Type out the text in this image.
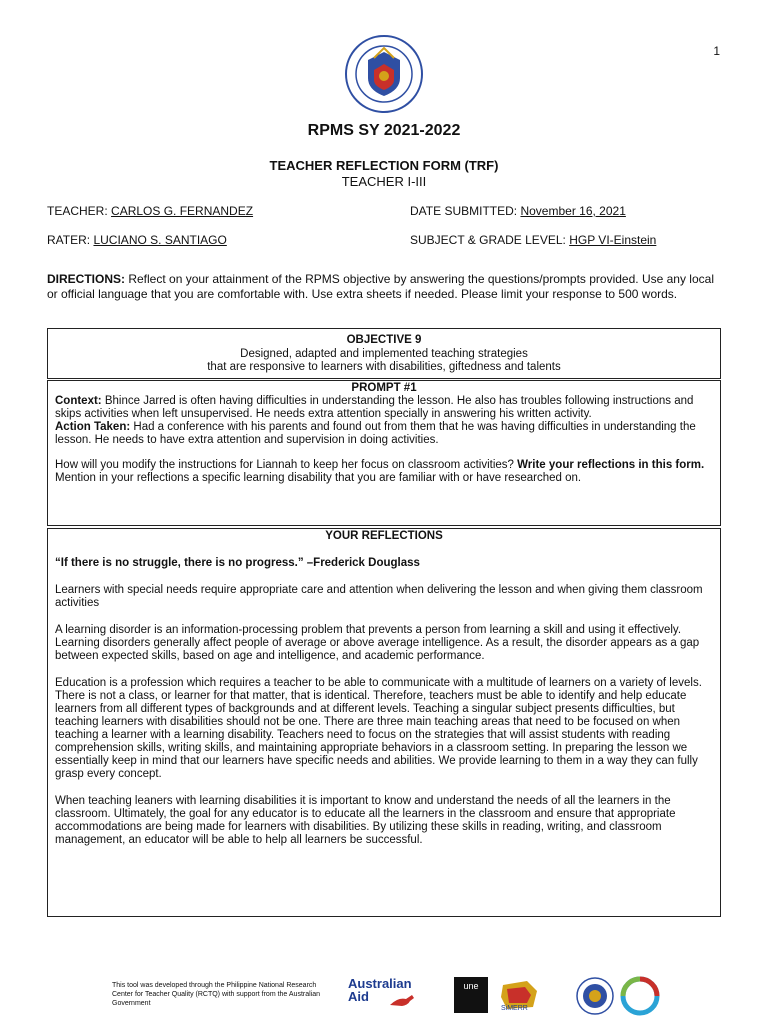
1
RPMS SY 2021-2022
TEACHER REFLECTION FORM (TRF)
TEACHER I-III
TEACHER: CARLOS G. FERNANDEZ	DATE SUBMITTED: November 16, 2021
RATER: LUCIANO S. SANTIAGO	SUBJECT & GRADE LEVEL: HGP VI-Einstein
DIRECTIONS: Reflect on your attainment of the RPMS objective by answering the questions/prompts provided. Use any local or official language that you are comfortable with. Use extra sheets if needed. Please limit your response to 500 words.
OBJECTIVE 9
Designed, adapted and implemented teaching strategies
that are responsive to learners with disabilities, giftedness and talents
PROMPT #1

Context: Bhince Jarred is often having difficulties in understanding the lesson. He also has troubles following instructions and skips activities when left unsupervised. He needs extra attention specially in answering his written activity.

Action Taken: Had a conference with his parents and found out from them that he was having difficulties in understanding the lesson. He needs to have extra attention and supervision in doing activities.

How will you modify the instructions for Liannah to keep her focus on classroom activities? Write your reflections in this form. Mention in your reflections a specific learning disability that you are familiar with or have researched on.

YOUR REFLECTIONS

“If there is no struggle, there is no progress.” –Frederick Douglass

Learners with special needs require appropriate care and attention when delivering the lesson and when giving them classroom activities

A learning disorder is an information-processing problem that prevents a person from learning a skill and using it effectively. Learning disorders generally affect people of average or above average intelligence. As a result, the disorder appears as a gap between expected skills, based on age and intelligence, and academic performance.

Education is a profession which requires a teacher to be able to communicate with a multitude of learners on a variety of levels. There is not a class, or learner for that matter, that is identical. Therefore, teachers must be able to identify and help educate learners from all different types of backgrounds and at different levels. Teaching a singular subject presents difficulties, but teaching learners with disabilities should not be one. There are three main teaching areas that need to be focused on when teaching a learner with a learning disability. Teachers need to focus on the strategies that will assist students with reading comprehension skills, writing skills, and maintaining appropriate behaviors in a classroom setting. In preparing the lesson we essentially keep in mind that our learners have specific needs and abilities. We provide learning to them in a way they can fully grasp every concept.

When teaching leaners with learning disabilities it is important to know and understand the needs of all the learners in the classroom. Ultimately, the goal for any educator is to educate all the learners in the classroom and ensure that appropriate accommodations are being made for learners with disabilities. By utilizing these skills in reading, writing, and classroom management, an educator will be able to help all learners be successful.

This tool was developed through the Philippine National Research Center for Teacher Quality (RCTQ) with support from the Australian Government
Australian
Aid
une
SiMERR
